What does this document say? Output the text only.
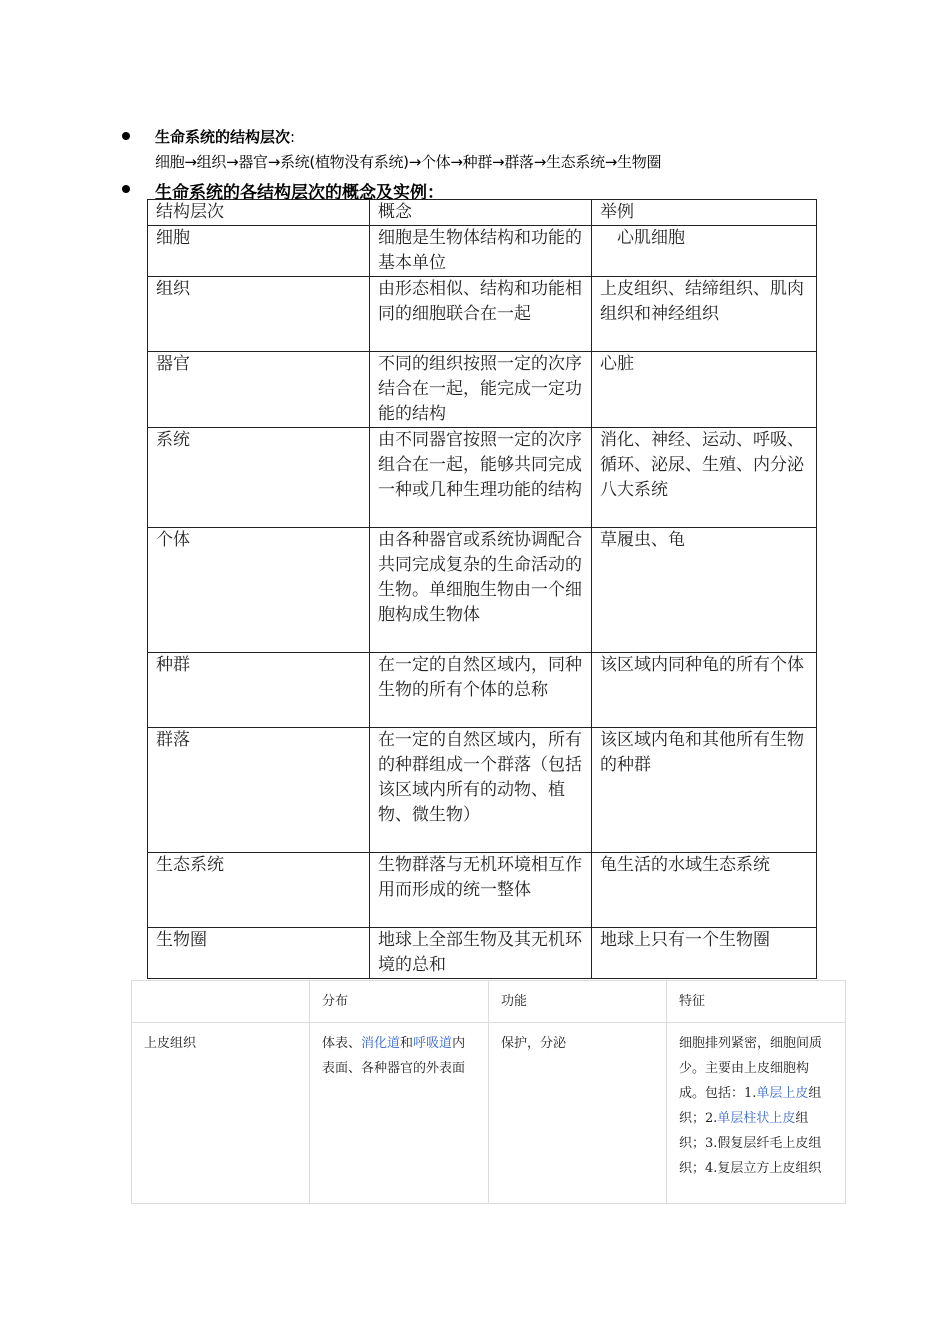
生命系统的结构层次:
细胞→组织→器官→系统(植物没有系统)→个体→种群→群落→生态系统→生物圈
生命系统的各结构层次的概念及实例：
结构层次	概念	举例
细胞	细胞是生物体结构和功能的基本单位	　心肌细胞
组织	由形态相似、结构和功能相同的细胞联合在一起	上皮组织、结缔组织、肌肉组织和神经组织
器官	不同的组织按照一定的次序结合在一起，能完成一定功能的结构	心脏
系统	由不同器官按照一定的次序组合在一起，能够共同完成一种或几种生理功能的结构	消化、神经、运动、呼吸、循环、泌尿、生殖、内分泌八大系统
个体	由各种器官或系统协调配合共同完成复杂的生命活动的生物。单细胞生物由一个细胞构成生物体	草履虫、龟
种群	在一定的自然区域内，同种生物的所有个体的总称	该区域内同种龟的所有个体
群落	在一定的自然区域内，所有的种群组成一个群落（包括该区域内所有的动物、植物、微生物）	该区域内龟和其他所有生物的种群
生态系统	生物群落与无机环境相互作用而形成的统一整体	龟生活的水域生态系统
生物圈	地球上全部生物及其无机环境的总和	地球上只有一个生物圈
	分布	功能	特征
上皮组织	体表、消化道和呼吸道内表面、各种器官的外表面	保护，分泌	细胞排列紧密，细胞间质少。主要由上皮细胞构成。包括：1.单层上皮组织；2.单层柱状上皮组织；3.假复层纤毛上皮组织；4.复层立方上皮组织
